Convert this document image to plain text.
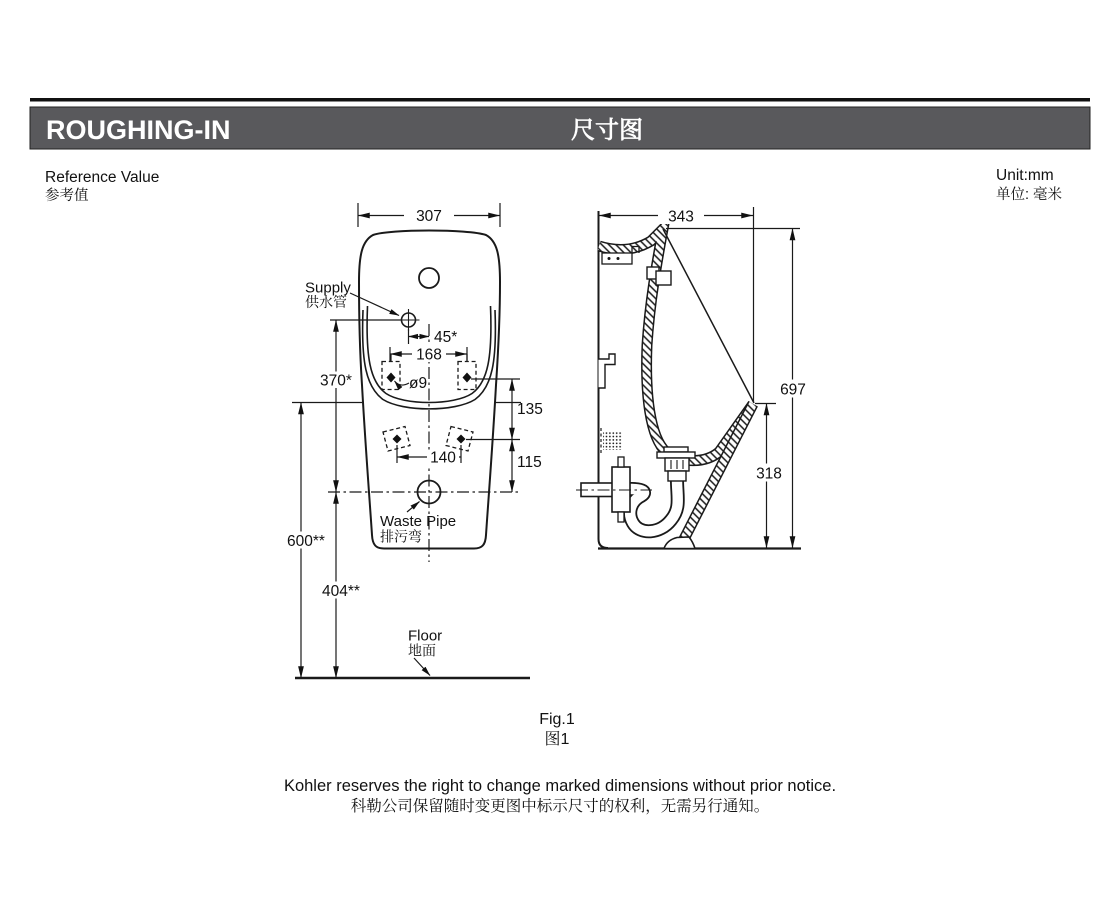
ROUGHING-IN	尺寸图
Reference Value
参考值
Unit:mm
单位: 毫米
307
45*
168
ø9
370*
600**
404**
135
115
140
Supply
供水管
Waste Pipe
排污弯
Floor
地面
343
697
318
Fig.1
图1
Kohler reserves the right to change marked dimensions without prior notice.
科勒公司保留随时变更图中标示尺寸的权利，无需另行通知。
